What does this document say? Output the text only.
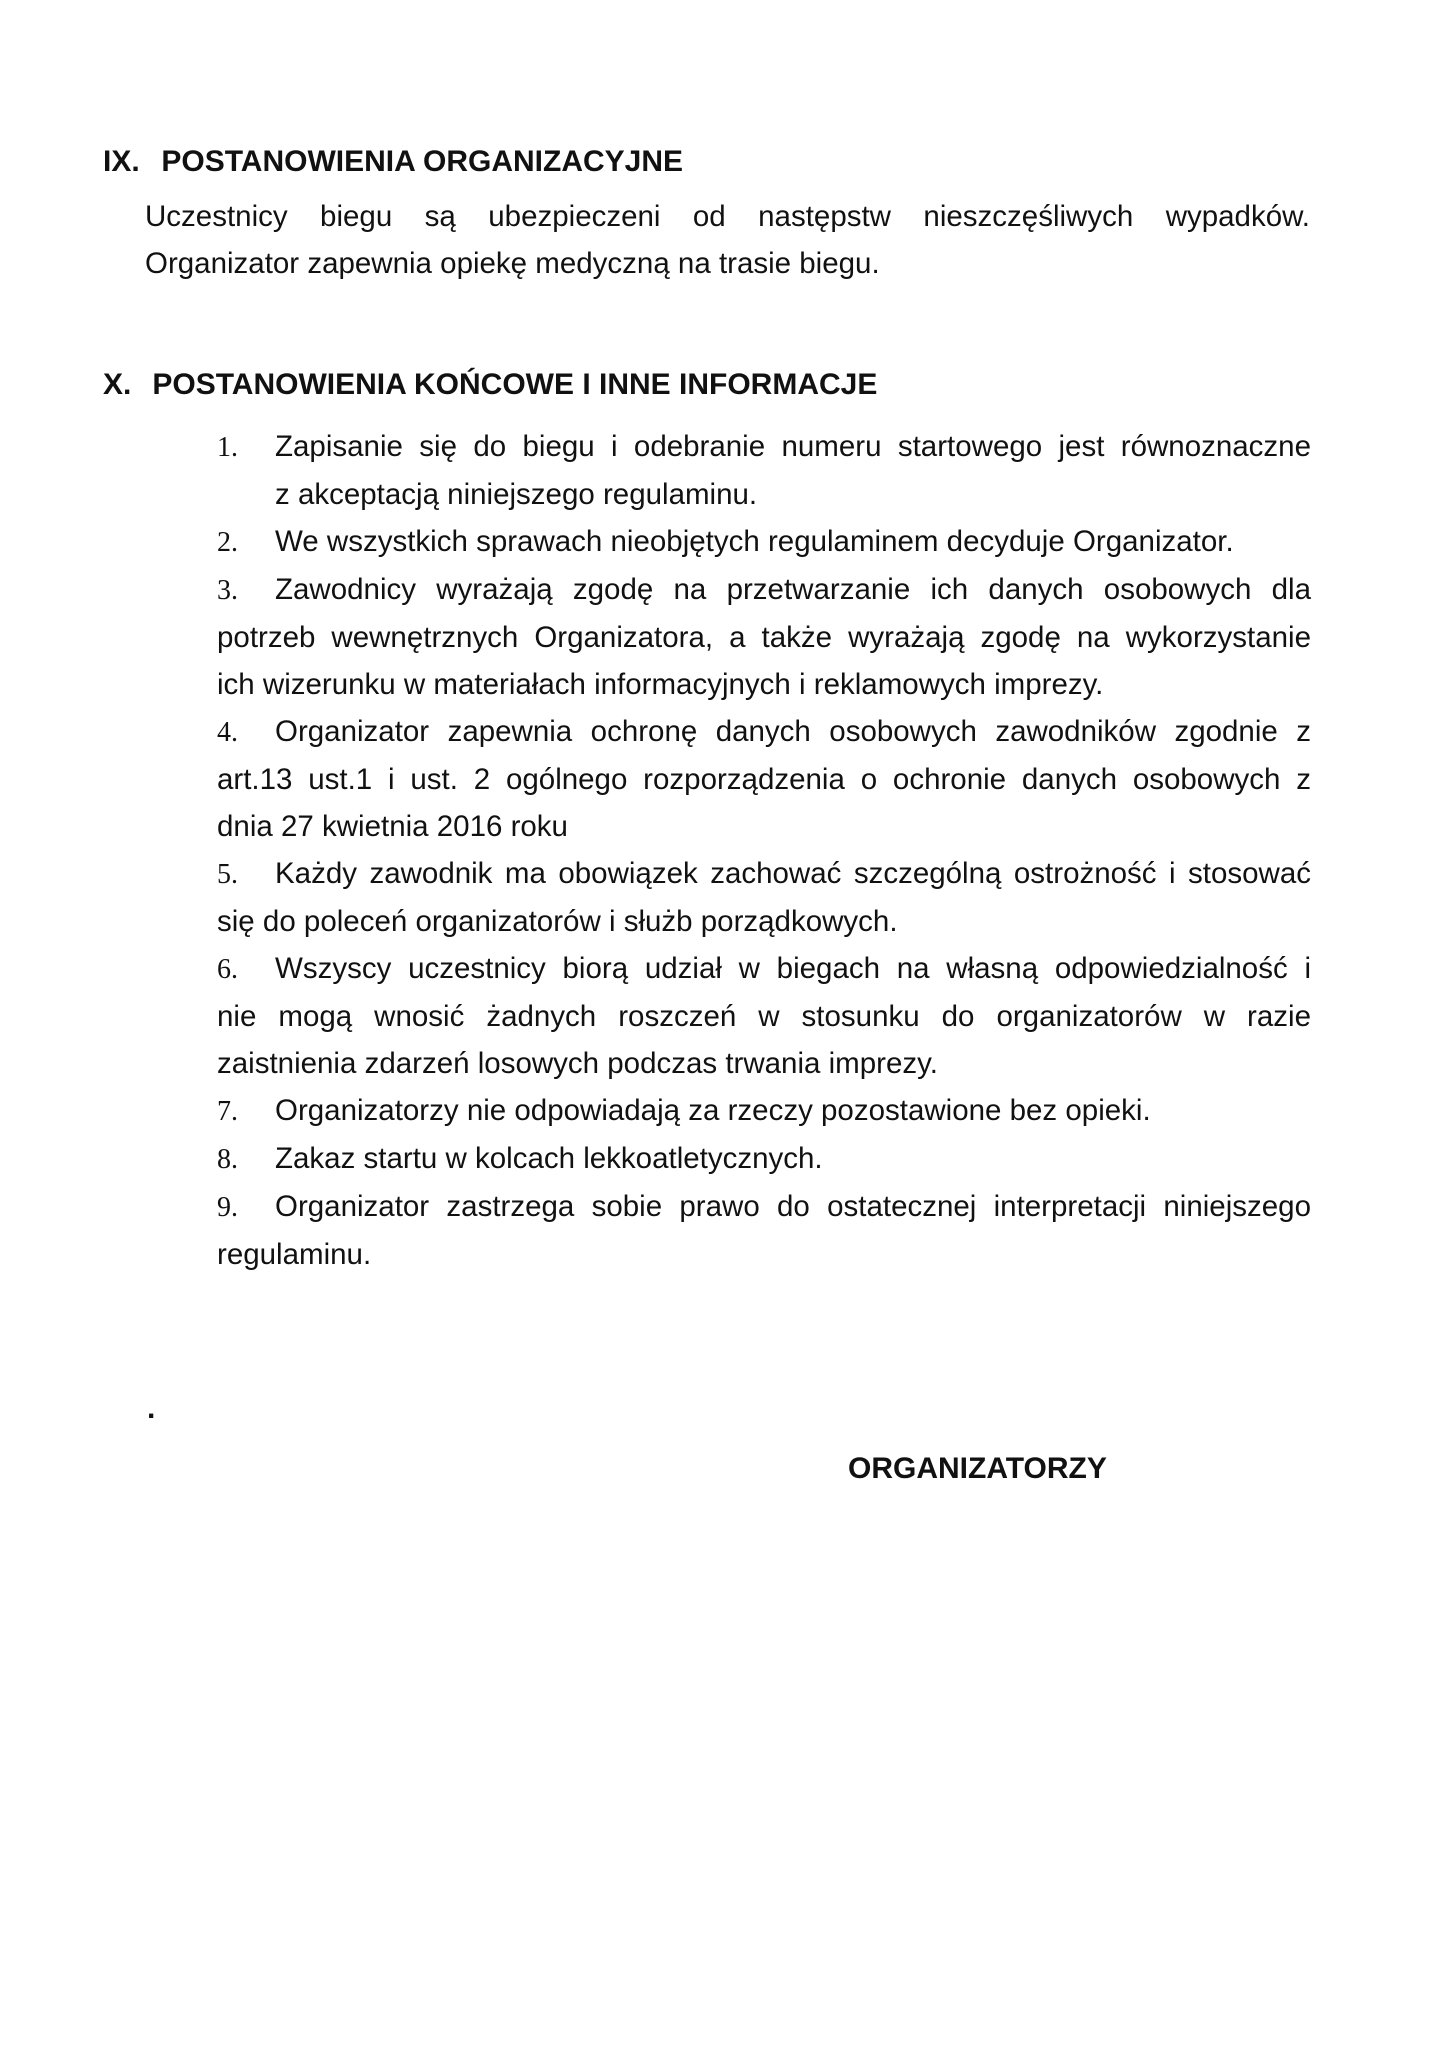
IX. POSTANOWIENIA ORGANIZACYJNE
Uczestnicy biegu są ubezpieczeni od następstw nieszczęśliwych wypadków.
Organizator zapewnia opiekę medyczną na trasie biegu.
X. POSTANOWIENIA KOŃCOWE I INNE INFORMACJE
1. Zapisanie się do biegu i odebranie numeru startowego jest równoznaczne
z akceptacją niniejszego regulaminu.
2. We wszystkich sprawach nieobjętych regulaminem decyduje Organizator.
3. Zawodnicy wyrażają zgodę na przetwarzanie ich danych osobowych dla
potrzeb wewnętrznych Organizatora, a także wyrażają zgodę na wykorzystanie
ich wizerunku w materiałach informacyjnych i reklamowych imprezy.
4. Organizator zapewnia ochronę danych osobowych zawodników zgodnie z
art.13 ust.1 i ust. 2 ogólnego rozporządzenia o ochronie danych osobowych z
dnia 27 kwietnia 2016 roku
5. Każdy zawodnik ma obowiązek zachować szczególną ostrożność i stosować
się do poleceń organizatorów i służb porządkowych.
6. Wszyscy uczestnicy biorą udział w biegach na własną odpowiedzialność i
nie mogą wnosić żadnych roszczeń w stosunku do organizatorów w razie
zaistnienia zdarzeń losowych podczas trwania imprezy.
7. Organizatorzy nie odpowiadają za rzeczy pozostawione bez opieki.
8. Zakaz startu w kolcach lekkoatletycznych.
9. Organizator zastrzega sobie prawo do ostatecznej interpretacji niniejszego
regulaminu.
.
ORGANIZATORZY
